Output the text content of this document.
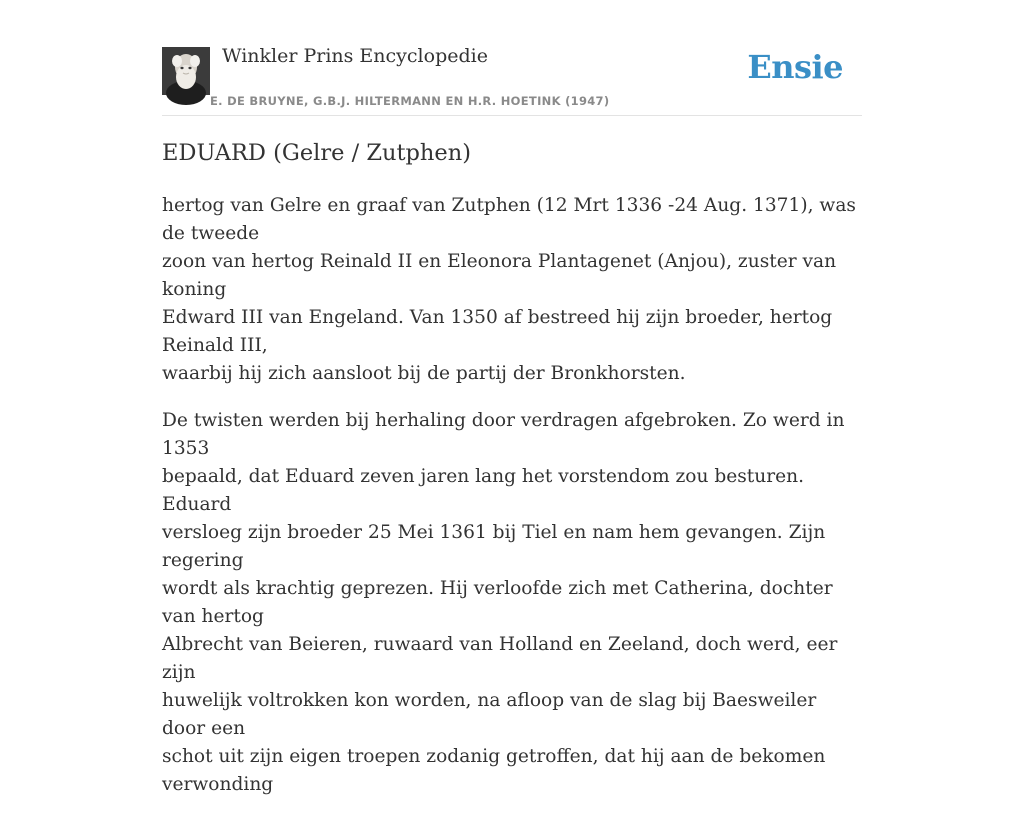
Winkler Prins Encyclopedie	Ensie
E. DE BRUYNE, G.B.J. HILTERMANN EN H.R. HOETINK (1947)
EDUARD (Gelre / Zutphen)

hertog van Gelre en graaf van Zutphen (12 Mrt 1336 -24 Aug. 1371), was de tweede
zoon van hertog Reinald II en Eleonora Plantagenet (Anjou), zuster van koning
Edward III van Engeland. Van 1350 af bestreed hij zijn broeder, hertog Reinald III,
waarbij hij zich aansloot bij de partij der Bronkhorsten.

De twisten werden bij herhaling door verdragen afgebroken. Zo werd in 1353
bepaald, dat Eduard zeven jaren lang het vorstendom zou besturen. Eduard
versloeg zijn broeder 25 Mei 1361 bij Tiel en nam hem gevangen. Zijn regering
wordt als krachtig geprezen. Hij verloofde zich met Catherina, dochter van hertog
Albrecht van Beieren, ruwaard van Holland en Zeeland, doch werd, eer zijn
huwelijk voltrokken kon worden, na afloop van de slag bij Baesweiler door een
schot uit zijn eigen troepen zodanig getroffen, dat hij aan de bekomen verwonding
